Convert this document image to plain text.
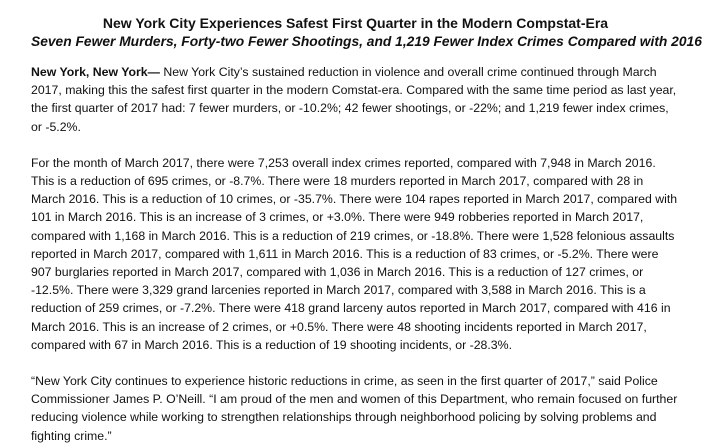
New York City Experiences Safest First Quarter in the Modern Compstat-Era
Seven Fewer Murders, Forty-two Fewer Shootings, and 1,219 Fewer Index Crimes Compared with 2016

New York, New York— New York City’s sustained reduction in violence and overall crime continued through March 2017, making this the safest first quarter in the modern Comstat-era. Compared with the same time period as last year, the first quarter of 2017 had: 7 fewer murders, or -10.2%; 42 fewer shootings, or -22%; and 1,219 fewer index crimes, or -5.2%.

For the month of March 2017, there were 7,253 overall index crimes reported, compared with 7,948 in March 2016. This is a reduction of 695 crimes, or -8.7%. There were 18 murders reported in March 2017, compared with 28 in March 2016. This is a reduction of 10 crimes, or -35.7%. There were 104 rapes reported in March 2017, compared with 101 in March 2016. This is an increase of 3 crimes, or +3.0%. There were 949 robberies reported in March 2017, compared with 1,168 in March 2016. This is a reduction of 219 crimes, or -18.8%. There were 1,528 felonious assaults reported in March 2017, compared with 1,611 in March 2016. This is a reduction of 83 crimes, or -5.2%. There were 907 burglaries reported in March 2017, compared with 1,036 in March 2016. This is a reduction of 127 crimes, or -12.5%. There were 3,329 grand larcenies reported in March 2017, compared with 3,588 in March 2016. This is a reduction of 259 crimes, or -7.2%. There were 418 grand larceny autos reported in March 2017, compared with 416 in March 2016. This is an increase of 2 crimes, or +0.5%. There were 48 shooting incidents reported in March 2017, compared with 67 in March 2016. This is a reduction of 19 shooting incidents, or -28.3%.

“New York City continues to experience historic reductions in crime, as seen in the first quarter of 2017,” said Police Commissioner James P. O’Neill. “I am proud of the men and women of this Department, who remain focused on further reducing violence while working to strengthen relationships through neighborhood policing by solving problems and fighting crime.”
